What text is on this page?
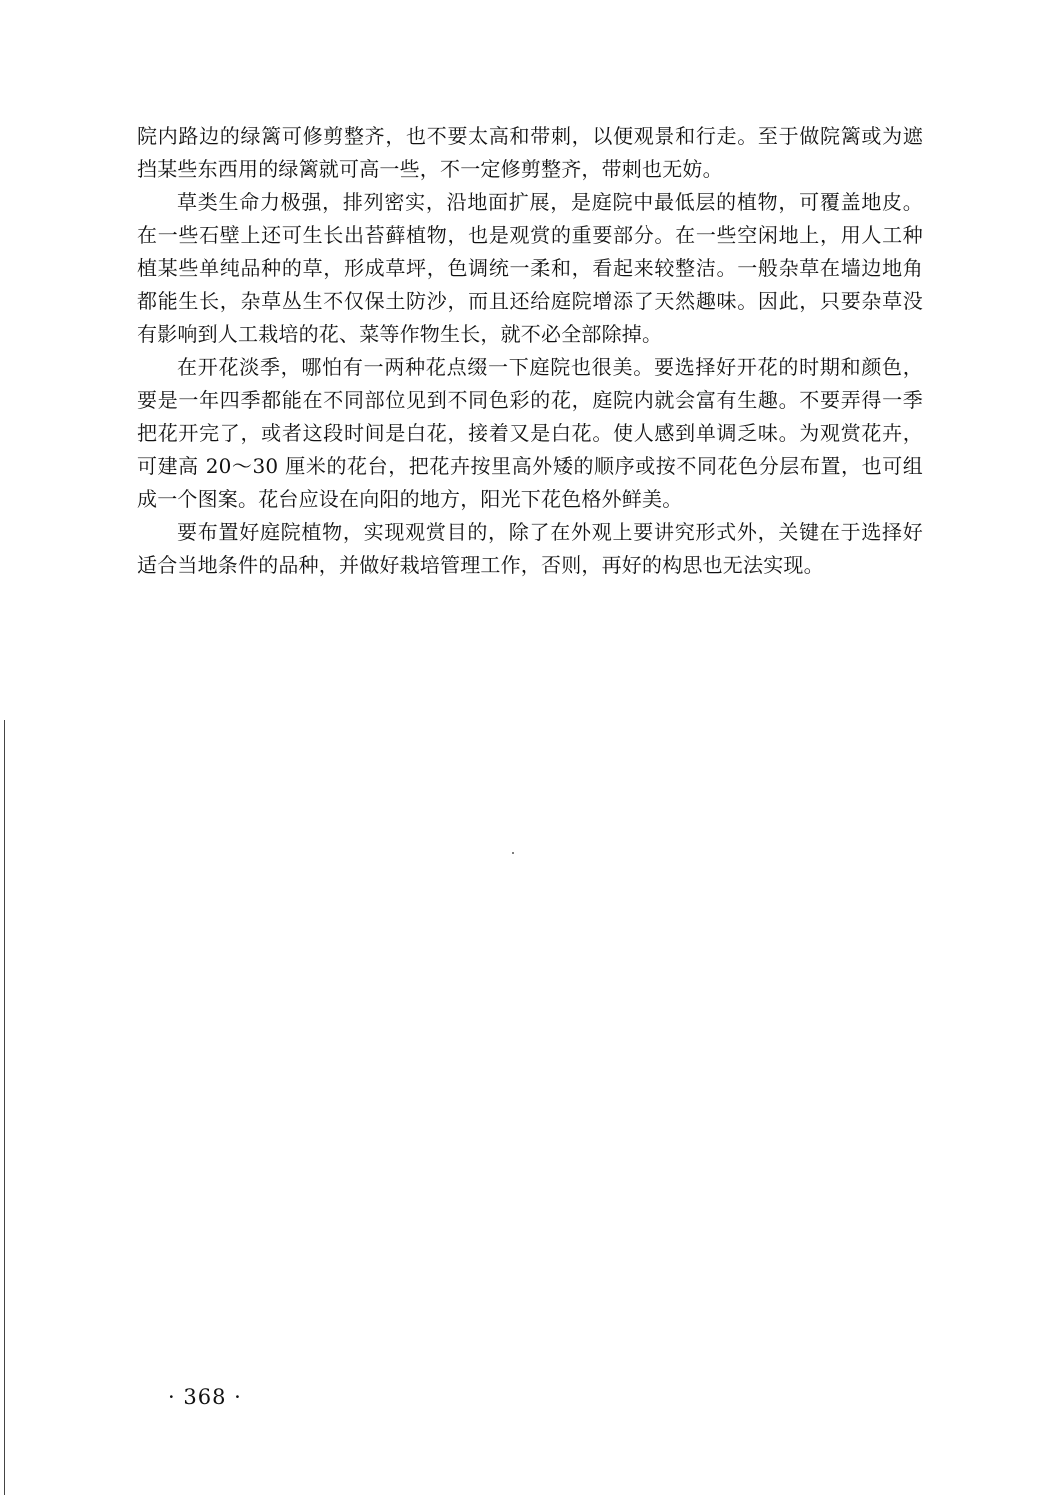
院内路边的绿篱可修剪整齐，也不要太高和带刺，以便观景和行走。至于做院篱或为遮挡某些东西用的绿篱就可高一些，不一定修剪整齐，带刺也无妨。

草类生命力极强，排列密实，沿地面扩展，是庭院中最低层的植物，可覆盖地皮。在一些石壁上还可生长出苔藓植物，也是观赏的重要部分。在一些空闲地上，用人工种植某些单纯品种的草，形成草坪，色调统一柔和，看起来较整洁。一般杂草在墙边地角都能生长，杂草丛生不仅保土防沙，而且还给庭院增添了天然趣味。因此，只要杂草没有影响到人工栽培的花、菜等作物生长，就不必全部除掉。

在开花淡季，哪怕有一两种花点缀一下庭院也很美。要选择好开花的时期和颜色，要是一年四季都能在不同部位见到不同色彩的花，庭院内就会富有生趣。不要弄得一季把花开完了，或者这段时间是白花，接着又是白花。使人感到单调乏味。为观赏花卉，可建高 20～30 厘米的花台，把花卉按里高外矮的顺序或按不同花色分层布置，也可组成一个图案。花台应设在向阳的地方，阳光下花色格外鲜美。

要布置好庭院植物，实现观赏目的，除了在外观上要讲究形式外，关键在于选择好适合当地条件的品种，并做好栽培管理工作，否则，再好的构思也无法实现。

· 368 ·
